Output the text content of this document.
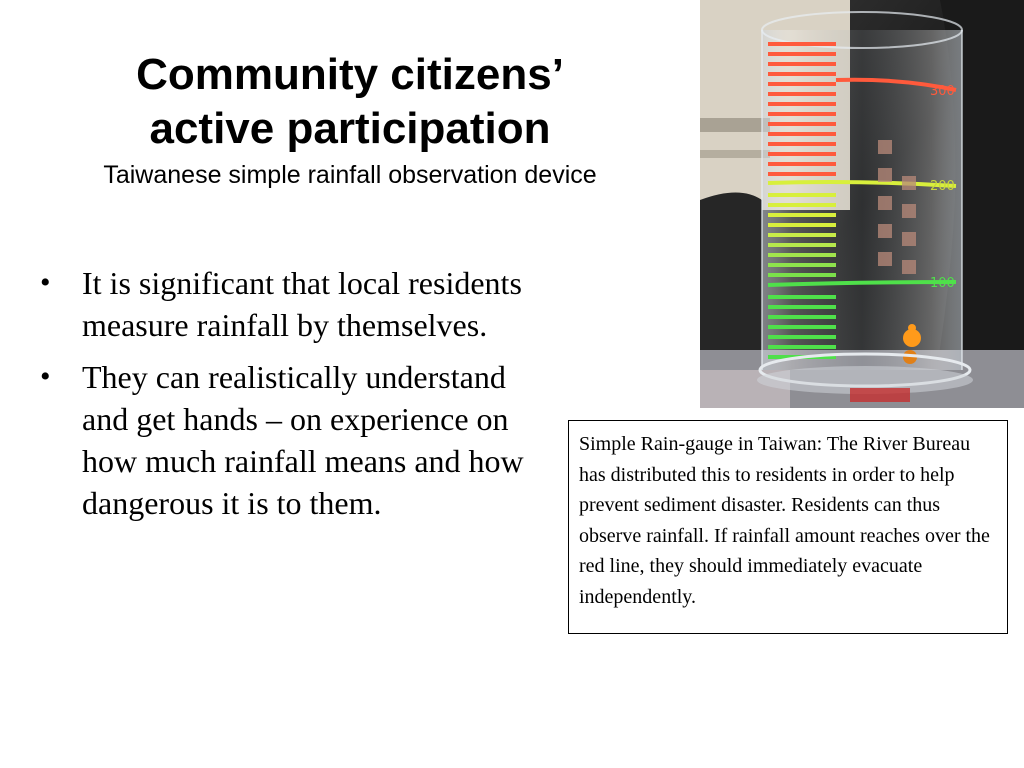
Community citizens’
active participation
Taiwanese simple rainfall observation device
• It is significant that local residents measure rainfall by themselves.
• They can realistically understand and get hands – on experience on how much rainfall means and how dangerous it is to them.
300
200
100
Simple Rain-gauge in Taiwan: The River Bureau has distributed this to residents in order to help prevent sediment disaster. Residents can thus observe rainfall. If rainfall amount reaches over the red line, they should immediately evacuate independently.
